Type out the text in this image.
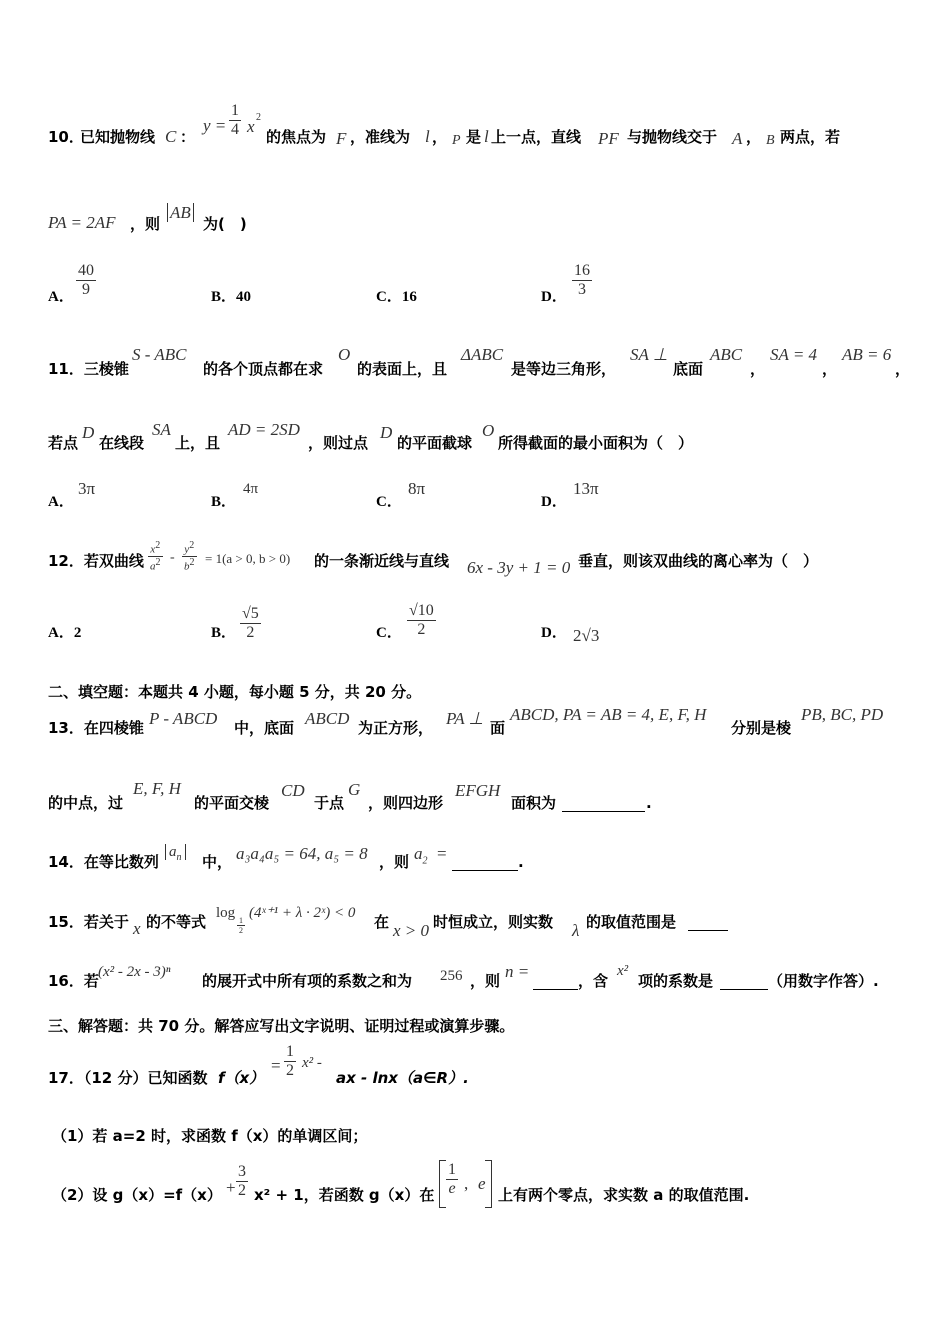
10．
已知抛物线 C ：
y =
1
4 x 2
的焦点为 F ，准线为 l ， P 是 l 上一点，直线 PF 与抛物线交于 A ， B 两点，若
PA = 2AF ，则
AB
为(　)
A．
40
9	B．40	C．16	D．
16
3
11．三棱锥
S - ABC
的各个顶点都在求
O
的表面上，且
ΔABC
是等边三角形，
SA ⊥
底面
ABC
，
SA = 4
，
AB = 6
，
若点
D
在线段
SA
上，且
AD = 2SD
，则过点
D
的平面截球
O
所得截面的最小面积为（　）
A．
3π
B．
4π
C．
8π
D．
13π
12．若双曲线
$x^2$
$a^2$ -
$y^2$
$b^2 = 1(a > 0$, b > 0) 的一条渐近线与直线 6x - 3y + 1 = 0 垂直，则该双曲线的离心率为（　）
A．2	B．
√5
2	C．
√10
2	D． 2√3
二、填空题：本题共 4 小题，每小题 5 分，共 20 分。
13．在四棱锥 P - ABCD 中，底面 ABCD 为正方形， PA ⊥ 面
ABCD, PA = AB = 4, E, F, H
分别是棱
PB, BC, PD
的中点，过
E, F, H
的平面交棱
CD
于点
G
，则四边形
EFGH
面积为	.
14．在等比数列
$a_n$ 中， a₃a₄a₅ = 64, a₅ = 8 ，则 $a_2$ =	.
15．若关于 x 的不等式 log 1
2
(4ˣ⁺¹ + λ · 2ˣ) < 0 在 x > 0 时恒成立，则实数 λ 的取值范围是
16．若 (x² - 2x - 3)ⁿ 的展开式中所有项的系数之和为 256 ，则 n =	，含
x²
项的系数是	（用数字作答）.
三、解答题：共 70 分。解答应写出文字说明、证明过程或演算步骤。
17．（12 分）已知函数 f（x）
=
1
2 x² -
ax - lnx（a∈R）.
（1）若 a=2 时，求函数 f（x）的单调区间；
（2）设 g（x）=f（x） +
3
2 x² + 1，若函数 g（x）在
1
e , e
上有两个零点，求实数 a 的取值范围.
